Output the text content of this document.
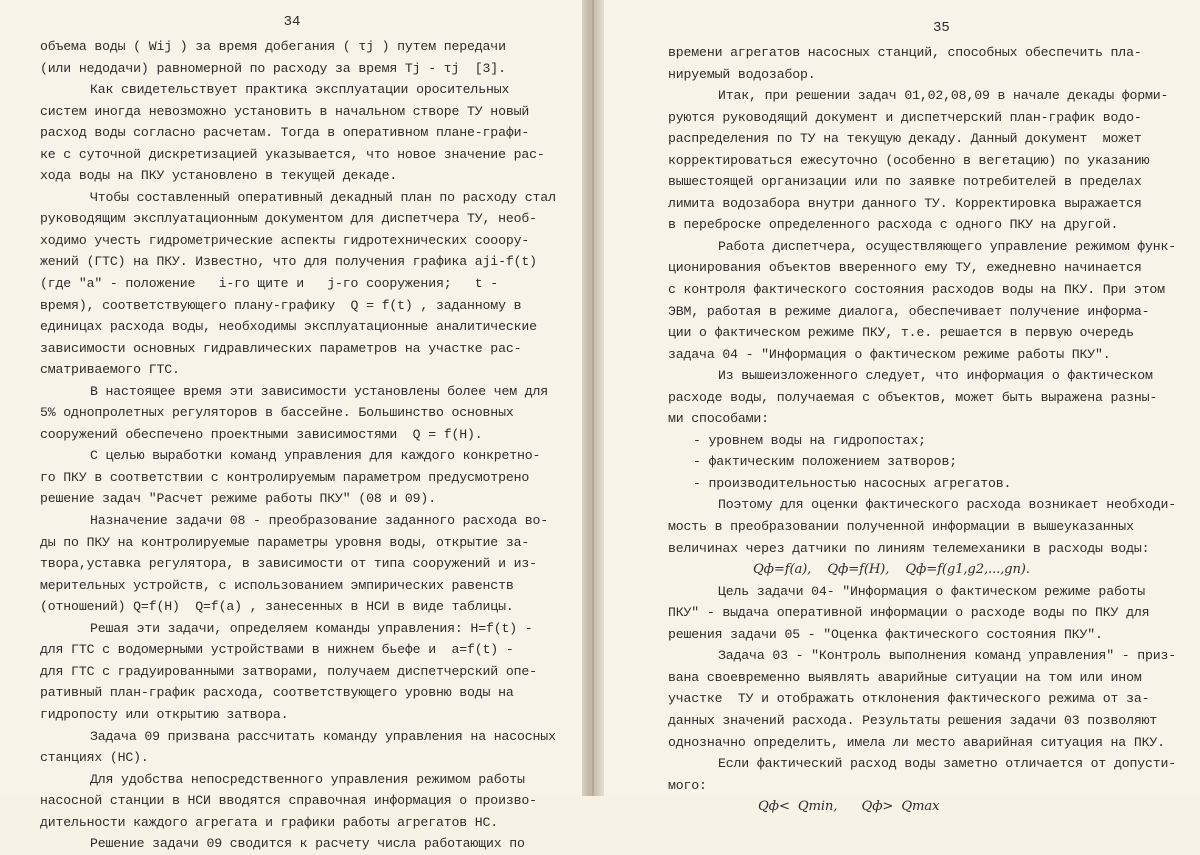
34
объема воды ( Wij ) за время добегания ( τj ) путем передачи
(или недодачи) равномерной по расходу за время Tj - τj  [3].
Как свидетельствует практика эксплуатации оросительных
систем иногда невозможно установить в начальном створе ТУ новый
расход воды согласно расчетам. Тогда в оперативном плане-графи-
ке с суточной дискретизацией указывается, что новое значение рас-
хода воды на ПКУ установлено в текущей декаде.
Чтобы составленный оперативный декадный план по расходу стал
руководящим эксплуатационным документом для диспетчера ТУ, необ-
ходимо учесть гидрометрические аспекты гидротехнических сооору-
жений (ГТС) на ПКУ. Известно, что для получения графика aji-f(t)
(где "a" - положение   i-го щите и   j-го сооружения;   t -
время), соответствующего плану-графику  Q = f(t) , заданному в
единицах расхода воды, необходимы эксплуатационные аналитические
зависимости основных гидравлических параметров на участке рас-
сматриваемого ГТС.
В настоящее время эти зависимости установлены более чем для
5% однопролетных регуляторов в бассейне. Большинство основных
сооружений обеспечено проектными зависимостями  Q = f(H).
С целью выработки команд управления для каждого конкретно-
го ПКУ в соответствии с контролируемым параметром предусмотрено
решение задач "Расчет режиме работы ПКУ" (08 и 09).
Назначение задачи 08 - преобразование заданного расхода во-
ды по ПКУ на контролируемые параметры уровня воды, открытие за-
твора,уставка регулятора, в зависимости от типа сооружений и из-
мерительных устройств, с использованием эмпирических равенств
(отношений) Q=f(H)  Q=f(a) , занесенных в НСИ в виде таблицы.
Решая эти задачи, определяем команды управления: H=f(t) -
для ГТС с водомерными устройствами в нижнем бьефе и  a=f(t) -
для ГТС с градуированными затворами, получаем диспетчерский опе-
ративный план-график расхода, соответствующего уровню воды на
гидропосту или открытию затвора.
Задача 09 призвана рассчитать команду управления на насосных
станциях (НС).
Для удобства непосредственного управления режимом работы
насосной станции в НСИ вводятся справочная информация о произво-
дительности каждого агрегата и графики работы агрегатов НС.
Решение задачи 09 сводится к расчету числа работающих по
35
времени агрегатов насосных станций, способных обеспечить пла-
нируемый водозабор.
Итак, при решении задач 01,02,08,09 в начале декады форми-
руются руководящий документ и диспетчерский план-график водо-
распределения по ТУ на текущую декаду. Данный документ  может
корректироваться ежесуточно (особенно в вегетацию) по указанию
вышестоящей организации или по заявке потребителей в пределах
лимита водозабора внутри данного ТУ. Корректировка выражается
в переброске определенного расхода с одного ПКУ на другой.
Работа диспетчера, осуществляющего управление режимом функ-
ционирования объектов вверенного ему ТУ, ежедневно начинается
с контроля фактического состояния расходов воды на ПКУ. При этом
ЭВМ, работая в режиме диалога, обеспечивает получение информа-
ции о фактическом режиме ПКУ, т.е. решается в первую очередь
задача 04 - "Информация о фактическом режиме работы ПКУ".
Из вышеизложенного следует, что информация о фактическом
расходе воды, получаемая с объектов, может быть выражена разны-
ми способами:
- уровнем воды на гидропостах;
- фактическим положением затворов;
- производительностью насосных агрегатов.
Поэтому для оценки фактического расхода возникает необходи-
мость в преобразовании полученной информации в вышеуказанных
величинах через датчики по линиям телемеханики в расходы воды:
Qф=f(a),    Qф=f(H),    Qф=f(g1,g2,...,gn).
Цель задачи 04- "Информация о фактическом режиме работы
ПКУ" - выдача оперативной информации о расходе воды по ПКУ для
решения задачи 05 - "Оценка фактического состояния ПКУ".
Задача 03 - "Контроль выполнения команд управления" - приз-
вана своевременно выявлять аварийные ситуации на том или ином
участке  ТУ и отображать отклонения фактического режима от за-
данных значений расхода. Результаты решения задачи 03 позволяют
однозначно определить, имела ли место аварийная ситуация на ПКУ.
Если фактический расход воды заметно отличается от допусти-
мого:
Qф<  Qmin,      Qф>  Qmax
